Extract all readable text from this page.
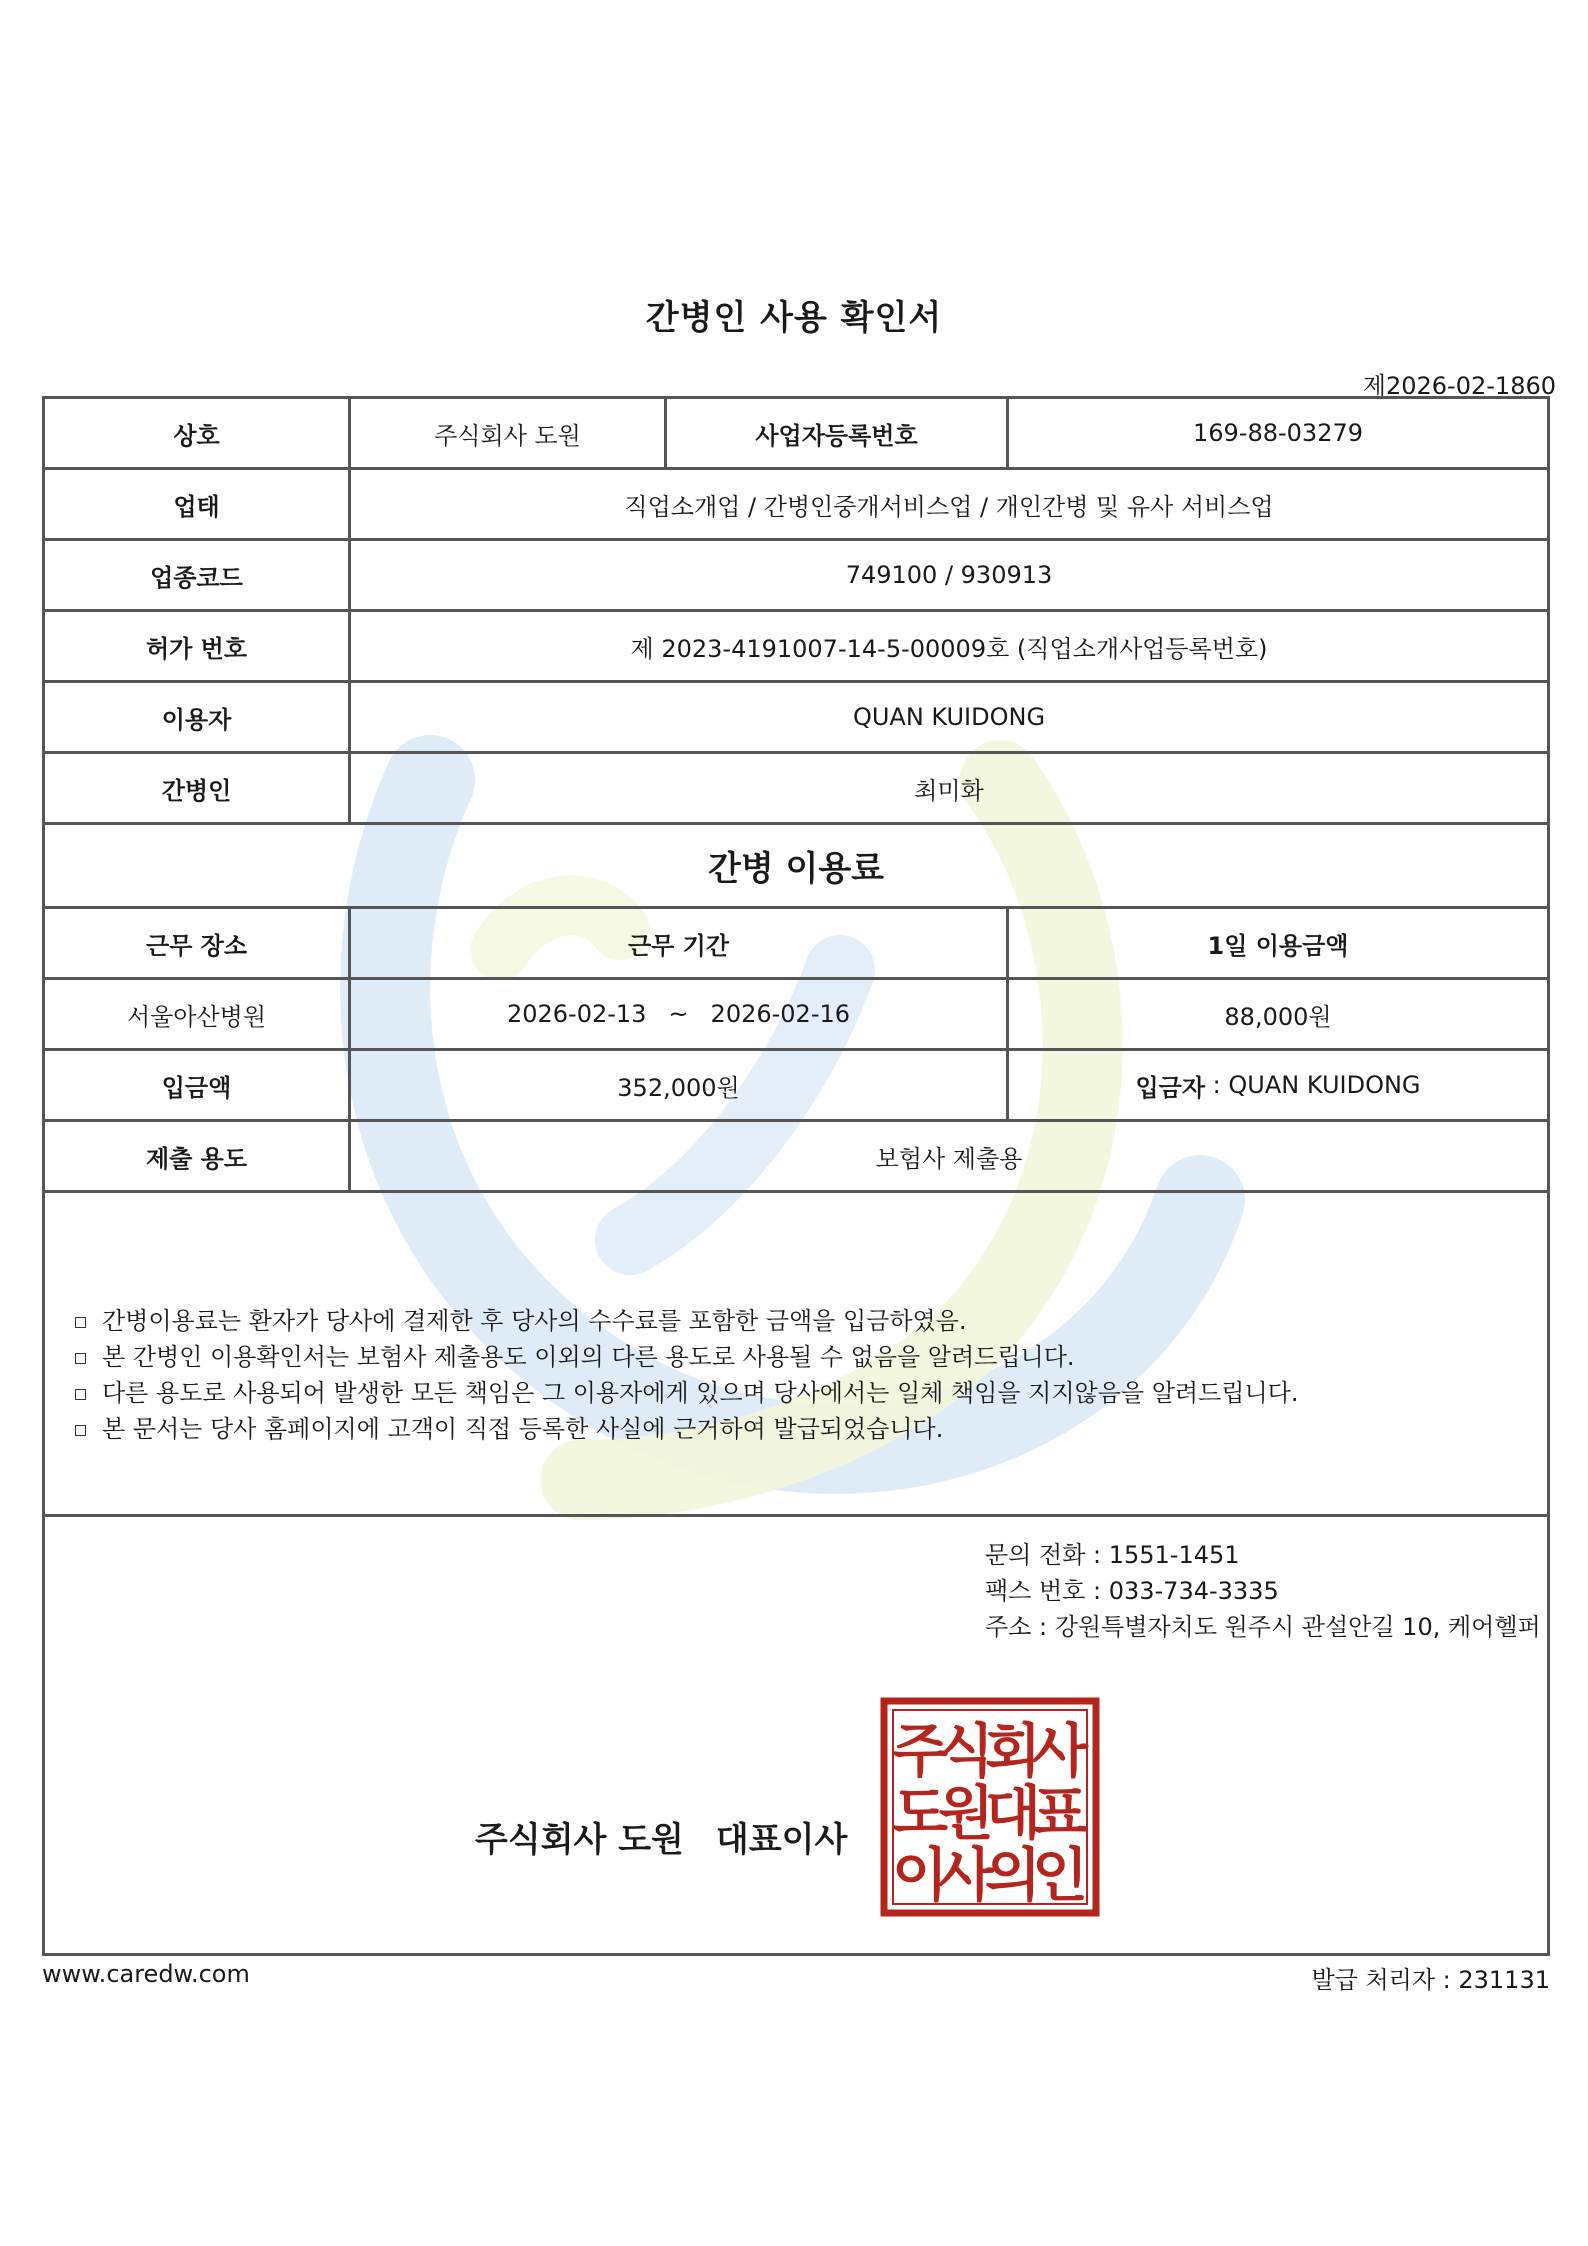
간병인 사용 확인서
제2026-02-1860
상호	주식회사 도원	사업자등록번호	169-88-03279
업태	직업소개업 / 간병인중개서비스업 / 개인간병 및 유사 서비스업
업종코드	749100 / 930913
허가 번호	제 2023-4191007-14-5-00009호 (직업소개사업등록번호)
이용자	QUAN KUIDONG
간병인	최미화
간병 이용료
근무 장소	근무 기간	1일 이용금액
서울아산병원	2026-02-13 ~ 2026-02-16	88,000원
입금액	352,000원	입금자 : QUAN KUIDONG
제출 용도	보험사 제출용
간병이용료는 환자가 당사에 결제한 후 당사의 수수료를 포함한 금액을 입금하였음.
본 간병인 이용확인서는 보험사 제출용도 이외의 다른 용도로 사용될 수 없음을 알려드립니다.
다른 용도로 사용되어 발생한 모든 책임은 그 이용자에게 있으며 당사에서는 일체 책임을 지지않음을 알려드립니다.
본 문서는 당사 홈페이지에 고객이 직접 등록한 사실에 근거하여 발급되었습니다.
문의 전화 : 1551-1451
팩스 번호 : 033-734-3335
주소 : 강원특별자치도 원주시 관설안길 10, 케어헬퍼
주식회사 도원 대표이사
주
식
회
사
도
원
대
표
이
사
의
인
www.caredw.com	발급 처리자 : 231131
